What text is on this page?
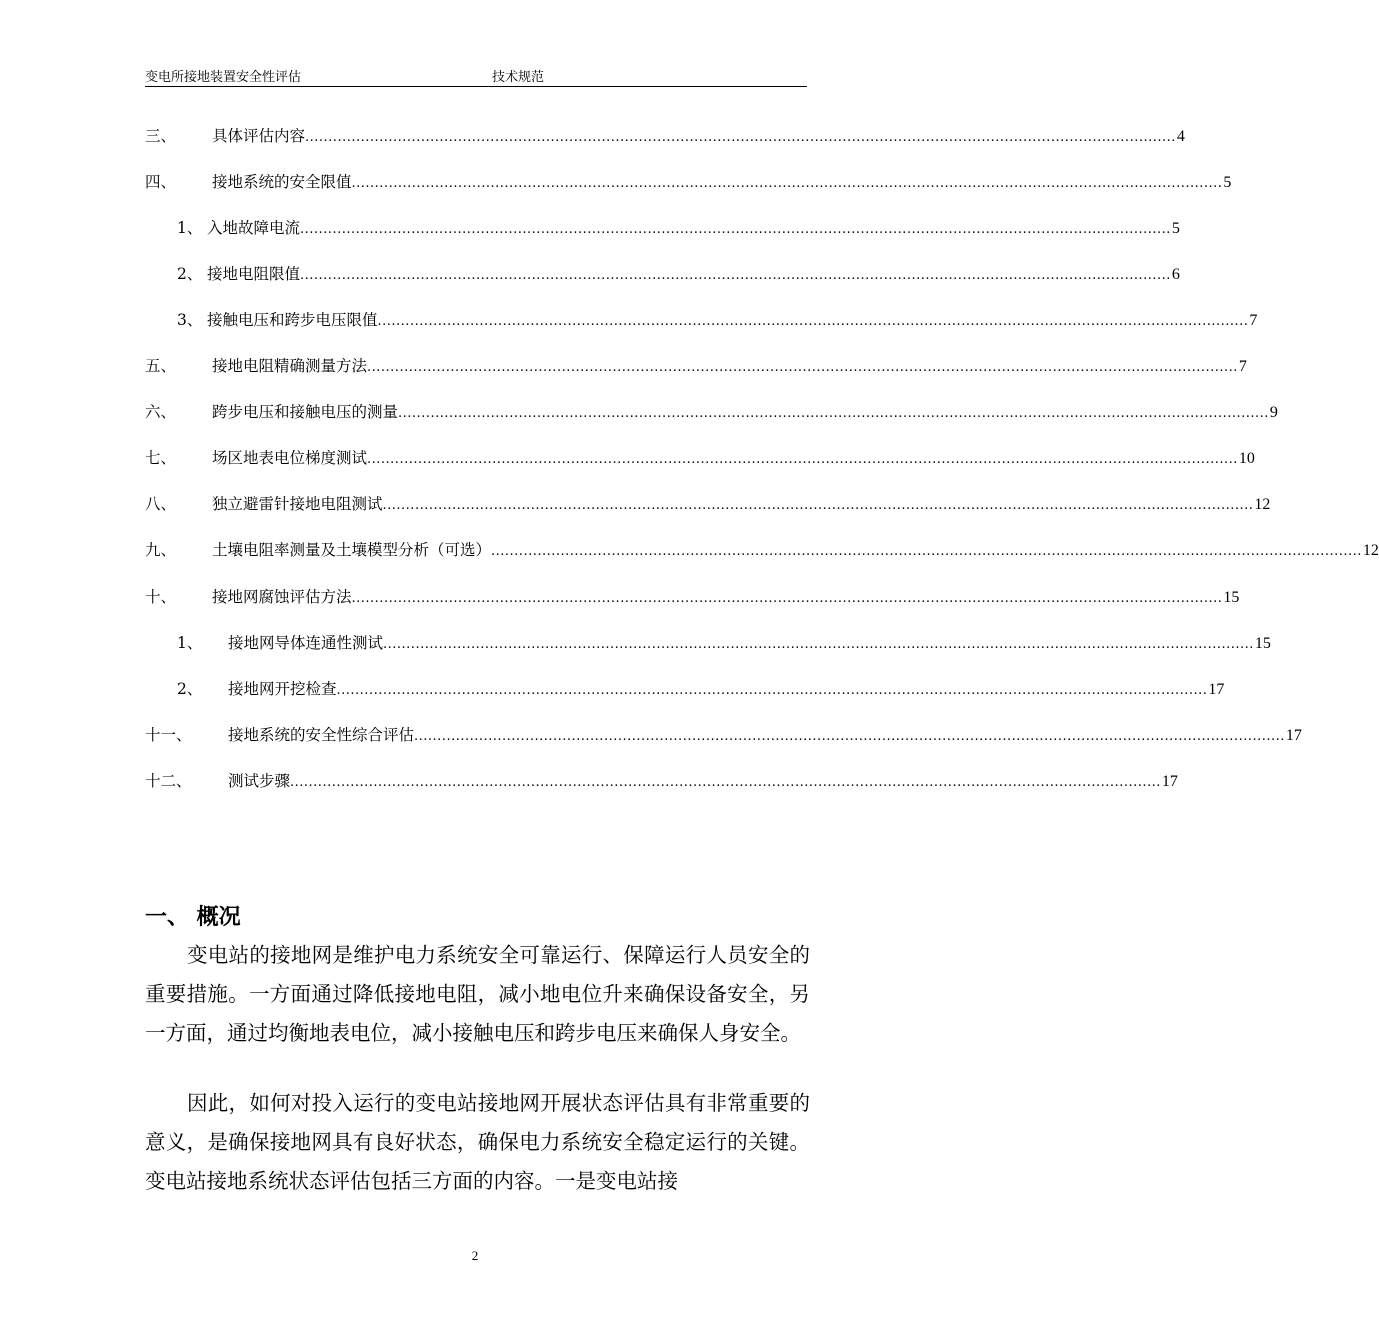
变电所接地装置安全性评估	技术规范
三、	具体评估内容 ............................................................................................................................................................................................ 4
四、	接地系统的安全限值 ............................................................................................................................................................................................ 5
1、 入地故障电流 ............................................................................................................................................................................................ 5
2、 接地电阻限值 ............................................................................................................................................................................................ 6
3、 接触电压和跨步电压限值 ............................................................................................................................................................................................ 7
五、	接地电阻精确测量方法 ............................................................................................................................................................................................ 7
六、	跨步电压和接触电压的测量 ............................................................................................................................................................................................ 9
七、	场区地表电位梯度测试 ............................................................................................................................................................................................ 10
八、	独立避雷针接地电阻测试 ............................................................................................................................................................................................ 12
九、	土壤电阻率测量及土壤模型分析（可选） ............................................................................................................................................................................................ 12
十、	接地网腐蚀评估方法 ............................................................................................................................................................................................ 15
1、	接地网导体连通性测试 ............................................................................................................................................................................................ 15
2、	接地网开挖检查 ............................................................................................................................................................................................ 17
十一、	接地系统的安全性综合评估 ............................................................................................................................................................................................ 17
十二、	测试步骤 ............................................................................................................................................................................................ 17
一、 概况

变电站的接地网是维护电力系统安全可靠运行、保障运行人员安全的重要措施。一方面通过降低接地电阻，减小地电位升来确保设备安全，另一方面，通过均衡地表电位，减小接触电压和跨步电压来确保人身安全。

因此，如何对投入运行的变电站接地网开展状态评估具有非常重要的意义，是确保接地网具有良好状态，确保电力系统安全稳定运行的关键。变电站接地系统状态评估包括三方面的内容。一是变电站接

2
